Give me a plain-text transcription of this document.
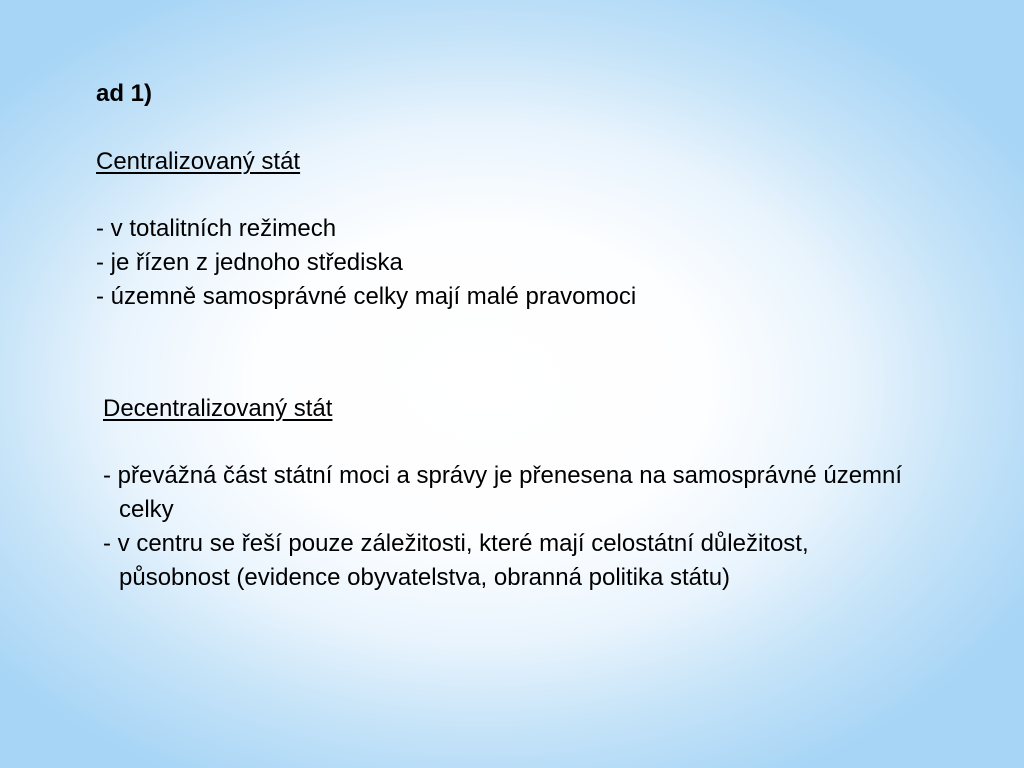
ad 1)
Centralizovaný stát
- v totalitních režimech
- je řízen z jednoho střediska
- územně samosprávné celky mají malé pravomoci
Decentralizovaný stát
- převážná část státní moci a správy je přenesena na samosprávné územní celky
- v centru se řeší pouze záležitosti, které mají celostátní důležitost, působnost (evidence obyvatelstva, obranná politika státu)
